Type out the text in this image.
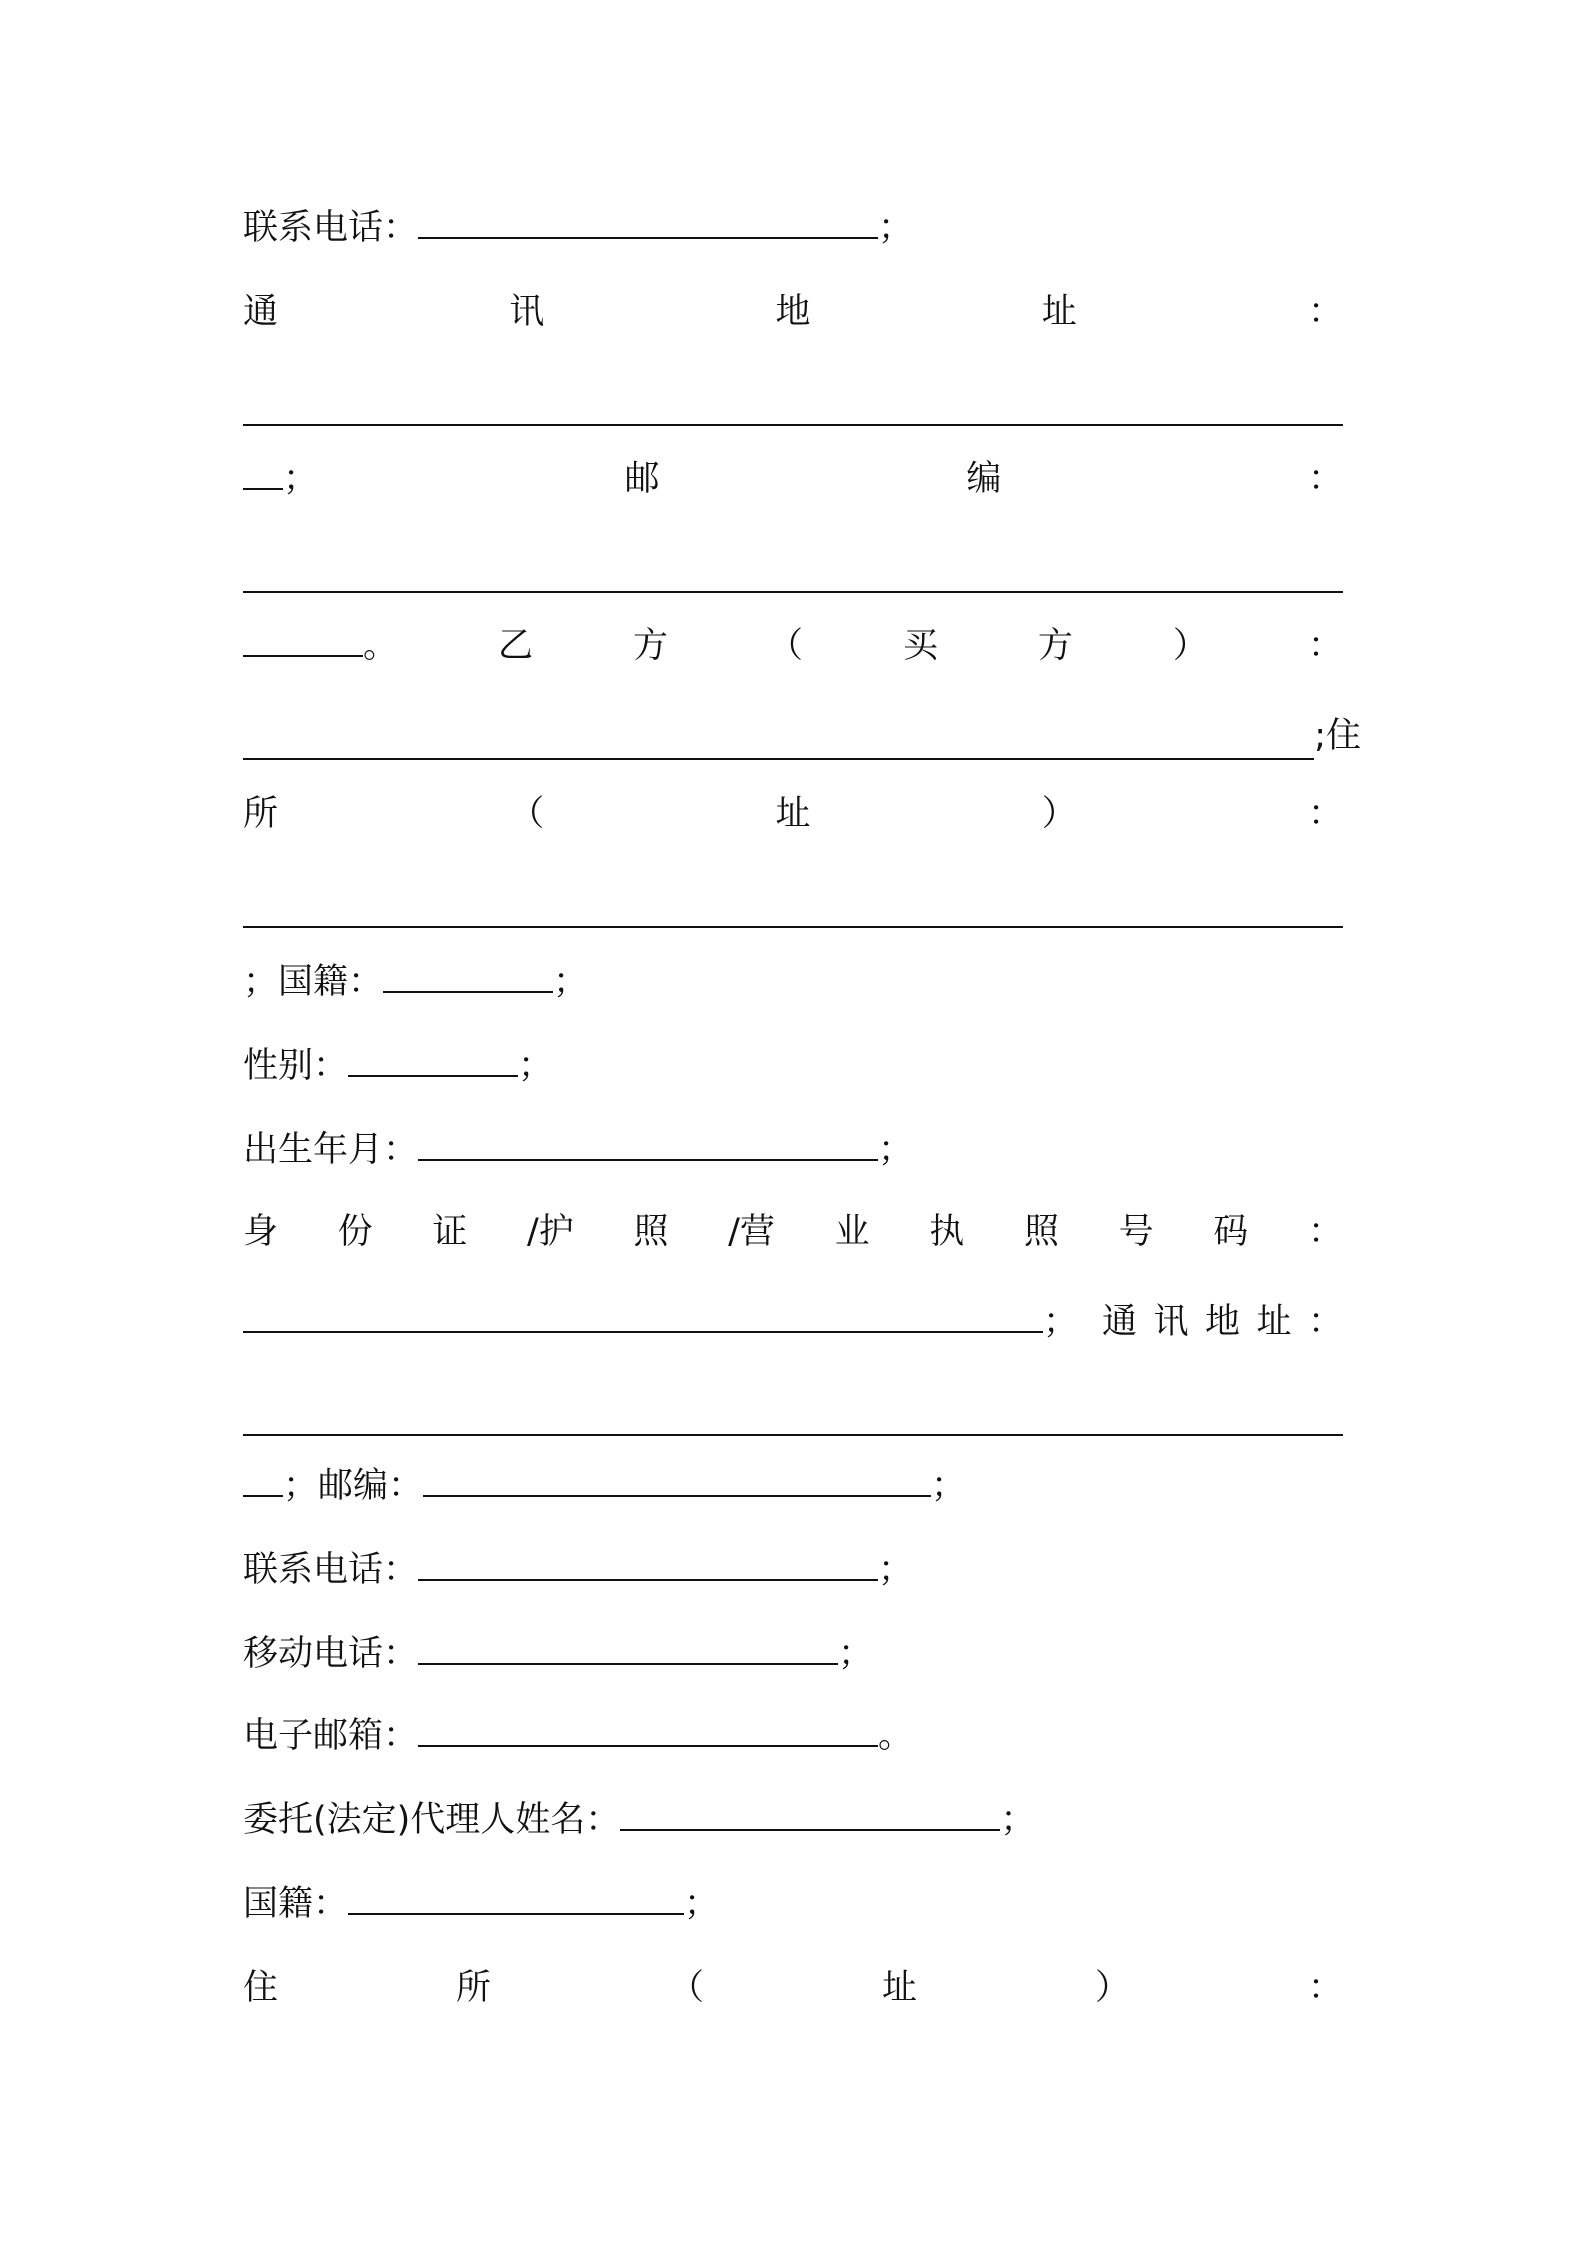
联系电话：	；
通	讯	地	址	：
；	邮	编	：
。	乙	方	（	买	方	）	：
;住
所	（	址	）	：
；国籍：	；
性别：	；
出生年月：	；
身 份 证 /护 照 /营 业 执 照 号 码 ：
； 通 讯 地 址 ：
；邮编：	；
联系电话：	；
移动电话：	；
电子邮箱：	。
委托(法定)代理人姓名：	；
国籍：	；
住	所	（	址	）	：
